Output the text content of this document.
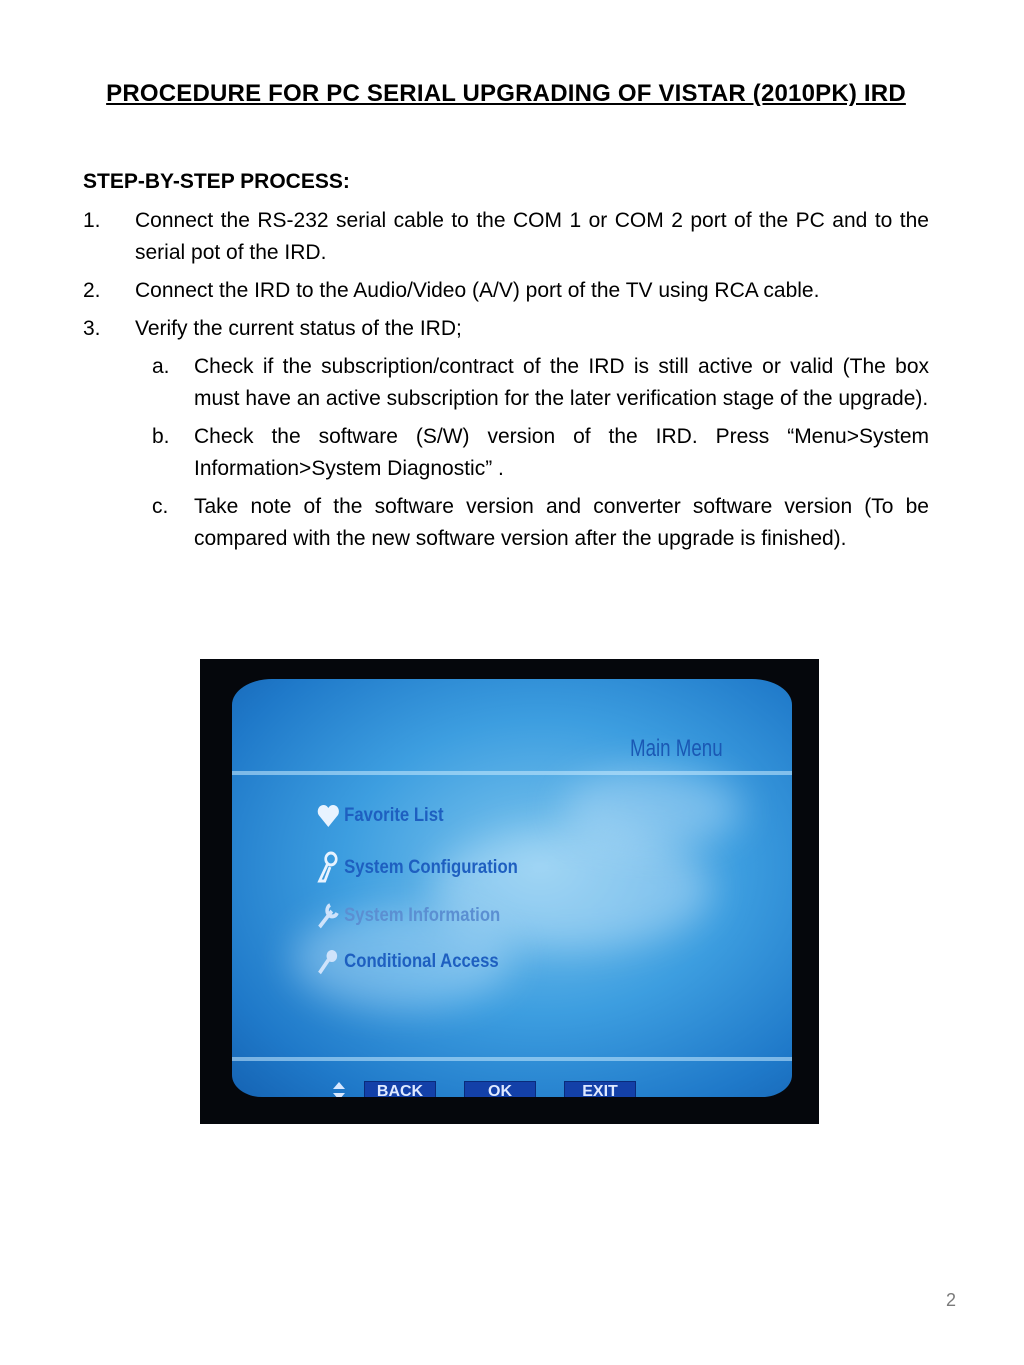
PROCEDURE FOR PC SERIAL UPGRADING OF VISTAR (2010PK) IRD
STEP-BY-STEP PROCESS:
1. Connect the RS-232 serial cable to the COM 1 or COM 2 port of the PC and to the serial pot of the IRD.
2. Connect the IRD to the Audio/Video (A/V) port of the TV using RCA cable.
3. Verify the current status of the IRD;
a. Check if the subscription/contract of the IRD is still active or valid (The box must have an active subscription for the later verification stage of the upgrade).
b. Check the software (S/W) version of the IRD. Press “Menu>System Information>System Diagnostic” .
c. Take note of the software version and converter software version (To be compared with the new software version after the upgrade is finished).
Main Menu
Favorite List
System Configuration
System Information
Conditional Access
BACK	OK	EXIT
2
